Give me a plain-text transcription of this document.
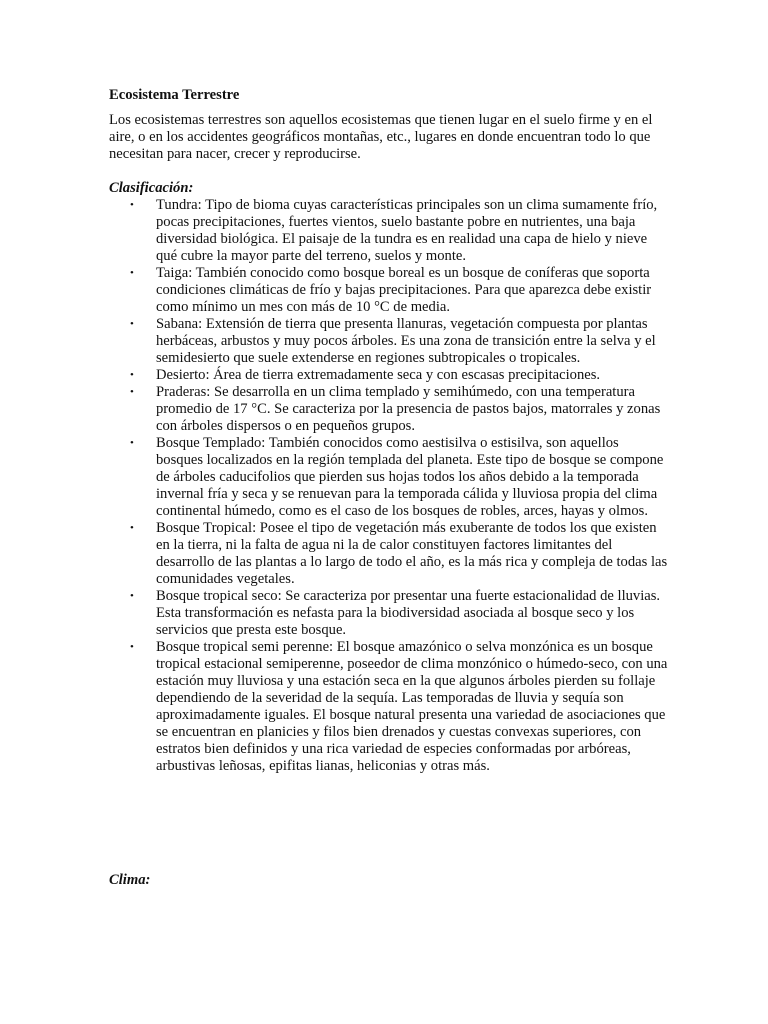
Ecosistema Terrestre

Los ecosistemas terrestres son aquellos ecosistemas que tienen lugar en el suelo firme y en el aire, o en los accidentes geográficos montañas, etc., lugares en donde encuentran todo lo que necesitan para nacer, crecer y reproducirse.

Clasificación:

• Tundra: Tipo de bioma cuyas características principales son un clima sumamente frío, pocas precipitaciones, fuertes vientos, suelo bastante pobre en nutrientes, una baja diversidad biológica. El paisaje de la tundra es en realidad una capa de hielo y nieve qué cubre la mayor parte del terreno, suelos y monte.
• Taiga: También conocido como bosque boreal es un bosque de coníferas que soporta condiciones climáticas de frío y bajas precipitaciones. Para que aparezca debe existir como mínimo un mes con más de 10 °C de media.
• Sabana: Extensión de tierra que presenta llanuras, vegetación compuesta por plantas herbáceas, arbustos y muy pocos árboles. Es una zona de transición entre la selva y el semidesierto que suele extenderse en regiones subtropicales o tropicales.
• Desierto: Área de tierra extremadamente seca y con escasas precipitaciones.
• Praderas: Se desarrolla en un clima templado y semihúmedo, con una temperatura promedio de 17 °C. Se caracteriza por la presencia de pastos bajos, matorrales y zonas con árboles dispersos o en pequeños grupos.
• Bosque Templado: También conocidos como aestisilva o estisilva, son aquellos bosques localizados en la región templada del planeta. Este tipo de bosque se compone de árboles caducifolios que pierden sus hojas todos los años debido a la temporada invernal fría y seca y se renuevan para la temporada cálida y lluviosa propia del clima continental húmedo, como es el caso de los bosques de robles, arces, hayas y olmos.
• Bosque Tropical: Posee el tipo de vegetación más exuberante de todos los que existen en la tierra, ni la falta de agua ni la de calor constituyen factores limitantes del desarrollo de las plantas a lo largo de todo el año, es la más rica y compleja de todas las comunidades vegetales.
• Bosque tropical seco: Se caracteriza por presentar una fuerte estacionalidad de lluvias. Esta transformación es nefasta para la biodiversidad asociada al bosque seco y los servicios que presta este bosque.
• Bosque tropical semi perenne: El bosque amazónico o selva monzónica es un bosque tropical estacional semiperenne, poseedor de clima monzónico o húmedo-seco, con una estación muy lluviosa y una estación seca en la que algunos árboles pierden su follaje dependiendo de la severidad de la sequía. Las temporadas de lluvia y sequía son aproximadamente iguales. El bosque natural presenta una variedad de asociaciones que se encuentran en planicies y filos bien drenados y cuestas convexas superiores, con estratos bien definidos y una rica variedad de especies conformadas por arbóreas, arbustivas leñosas, epifitas lianas, heliconias y otras más.

Clima:
